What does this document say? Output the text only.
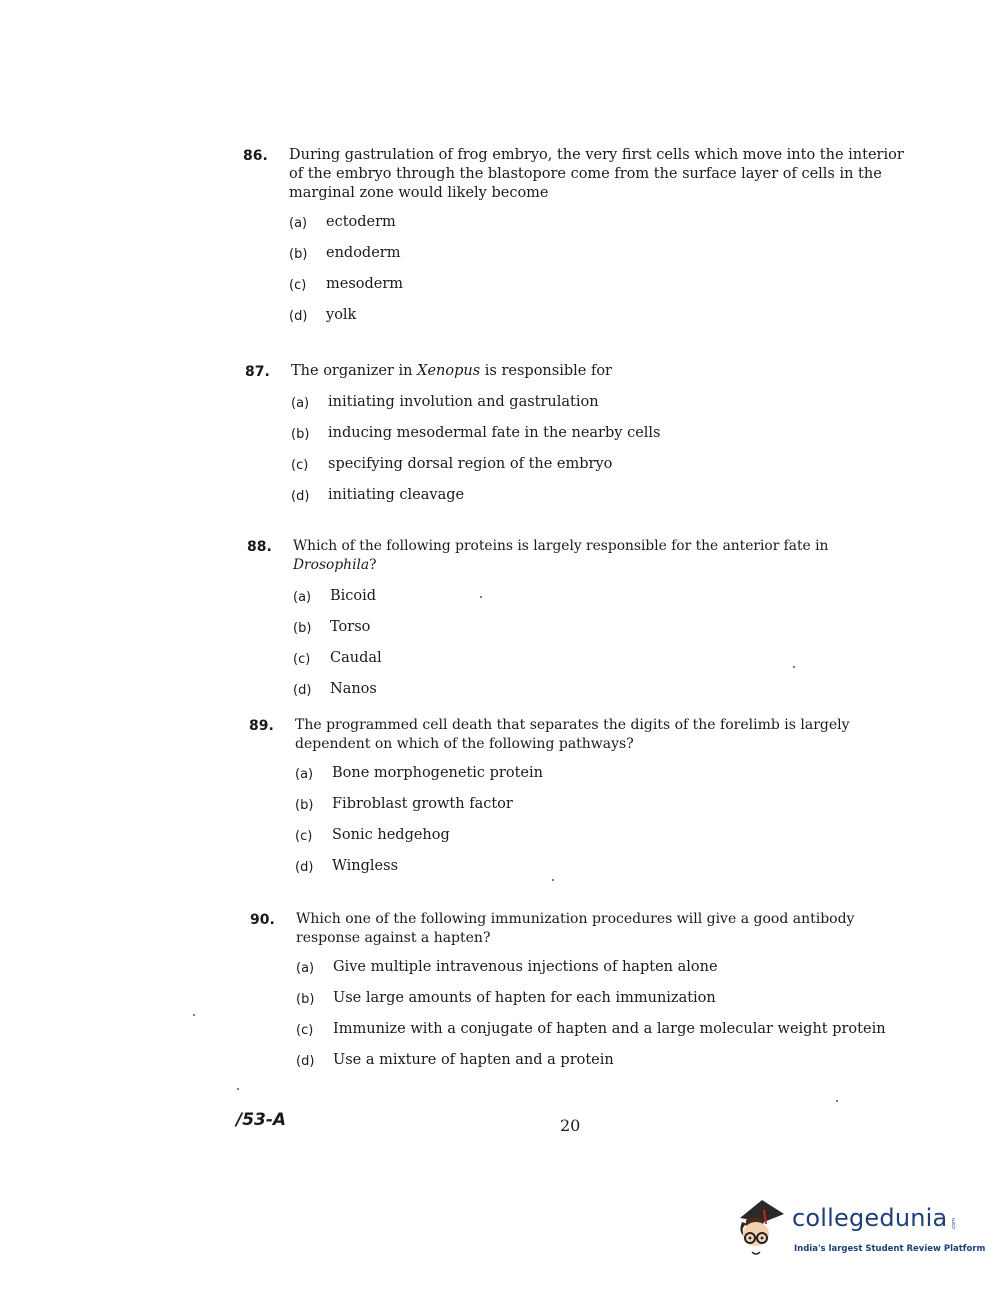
86.	During gastrulation of frog embryo, the very first cells which move into the interior of the embryo through the blastopore come from the surface layer of cells in the marginal zone would likely become
(a)	ectoderm
(b)	endoderm
(c)	mesoderm
(d)	yolk
87.	The organizer in Xenopus is responsible for
(a)	initiating involution and gastrulation
(b)	inducing mesodermal fate in the nearby cells
(c)	specifying dorsal region of the embryo
(d)	initiating cleavage
88.	Which of the following proteins is largely responsible for the anterior fate in Drosophila?
(a)	Bicoid
(b)	Torso
(c)	Caudal
(d)	Nanos
89.	The programmed cell death that separates the digits of the forelimb is largely dependent on which of the following pathways?
(a)	Bone morphogenetic protein
(b)	Fibroblast growth factor
(c)	Sonic hedgehog
(d)	Wingless
90.	Which one of the following immunization procedures will give a good antibody response against a hapten?
(a)	Give multiple intravenous injections of hapten alone
(b)	Use large amounts of hapten for each immunization
(c)	Immunize with a conjugate of hapten and a large molecular weight protein
(d)	Use a mixture of hapten and a protein
/53-A	20
collegedunia .com
India's largest Student Review Platform
